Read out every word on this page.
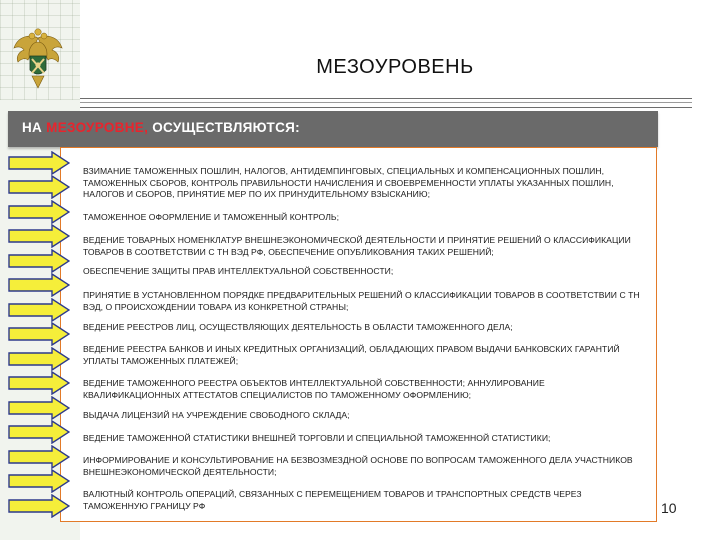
МЕЗОУРОВЕНЬ
НА МЕЗОУРОВНЕ, ОСУЩЕСТВЛЯЮТСЯ:
ВЗИМАНИЕ ТАМОЖЕННЫХ ПОШЛИН, НАЛОГОВ, АНТИДЕМПИНГОВЫХ, СПЕЦИАЛЬНЫХ И КОМПЕНСАЦИОННЫХ ПОШЛИН, ТАМОЖЕННЫХ СБОРОВ, КОНТРОЛЬ ПРАВИЛЬНОСТИ НАЧИСЛЕНИЯ И СВОЕВРЕМЕННОСТИ УПЛАТЫ УКАЗАННЫХ ПОШЛИН, НАЛОГОВ И СБОРОВ, ПРИНЯТИЕ МЕР ПО ИХ ПРИНУДИТЕЛЬНОМУ ВЗЫСКАНИЮ;
ТАМОЖЕННОЕ ОФОРМЛЕНИЕ И ТАМОЖЕННЫЙ КОНТРОЛЬ;
ВЕДЕНИЕ ТОВАРНЫХ НОМЕНКЛАТУР ВНЕШНЕЭКОНОМИЧЕСКОЙ ДЕЯТЕЛЬНОСТИ И ПРИНЯТИЕ РЕШЕНИЙ О КЛАССИФИКАЦИИ ТОВАРОВ В СООТВЕТСТВИИ С ТН ВЭД РФ, ОБЕСПЕЧЕНИЕ ОПУБЛИКОВАНИЯ ТАКИХ РЕШЕНИЙ;
ОБЕСПЕЧЕНИЕ ЗАЩИТЫ ПРАВ ИНТЕЛЛЕКТУАЛЬНОЙ СОБСТВЕННОСТИ;
ПРИНЯТИЕ В УСТАНОВЛЕННОМ ПОРЯДКЕ ПРЕДВАРИТЕЛЬНЫХ РЕШЕНИЙ О КЛАССИФИКАЦИИ ТОВАРОВ В СООТВЕТСТВИИ С ТН ВЭД, О ПРОИСХОЖДЕНИИ ТОВАРА ИЗ КОНКРЕТНОЙ СТРАНЫ;
ВЕДЕНИЕ РЕЕСТРОВ ЛИЦ, ОСУЩЕСТВЛЯЮЩИХ ДЕЯТЕЛЬНОСТЬ В ОБЛАСТИ ТАМОЖЕННОГО ДЕЛА;
ВЕДЕНИЕ РЕЕСТРА БАНКОВ И ИНЫХ КРЕДИТНЫХ ОРГАНИЗАЦИЙ, ОБЛАДАЮЩИХ ПРАВОМ ВЫДАЧИ БАНКОВСКИХ ГАРАНТИЙ УПЛАТЫ ТАМОЖЕННЫХ ПЛАТЕЖЕЙ;
ВЕДЕНИЕ ТАМОЖЕННОГО РЕЕСТРА ОБЪЕКТОВ ИНТЕЛЛЕКТУАЛЬНОЙ СОБСТВЕННОСТИ; АННУЛИРОВАНИЕ КВАЛИФИКАЦИОННЫХ АТТЕСТАТОВ СПЕЦИАЛИСТОВ ПО ТАМОЖЕННОМУ ОФОРМЛЕНИЮ;
ВЫДАЧА ЛИЦЕНЗИЙ НА УЧРЕЖДЕНИЕ СВОБОДНОГО СКЛАДА;
ВЕДЕНИЕ ТАМОЖЕННОЙ СТАТИСТИКИ ВНЕШНЕЙ ТОРГОВЛИ И СПЕЦИАЛЬНОЙ ТАМОЖЕННОЙ СТАТИСТИКИ;
ИНФОРМИРОВАНИЕ И КОНСУЛЬТИРОВАНИЕ НА БЕЗВОЗМЕЗДНОЙ ОСНОВЕ ПО ВОПРОСАМ ТАМОЖЕННОГО ДЕЛА УЧАСТНИКОВ ВНЕШНЕЭКОНОМИЧЕСКОЙ ДЕЯТЕЛЬНОСТИ;
ВАЛЮТНЫЙ КОНТРОЛЬ ОПЕРАЦИЙ, СВЯЗАННЫХ С ПЕРЕМЕЩЕНИЕМ ТОВАРОВ И ТРАНСПОРТНЫХ СРЕДСТВ ЧЕРЕЗ ТАМОЖЕННУЮ ГРАНИЦУ РФ	10
